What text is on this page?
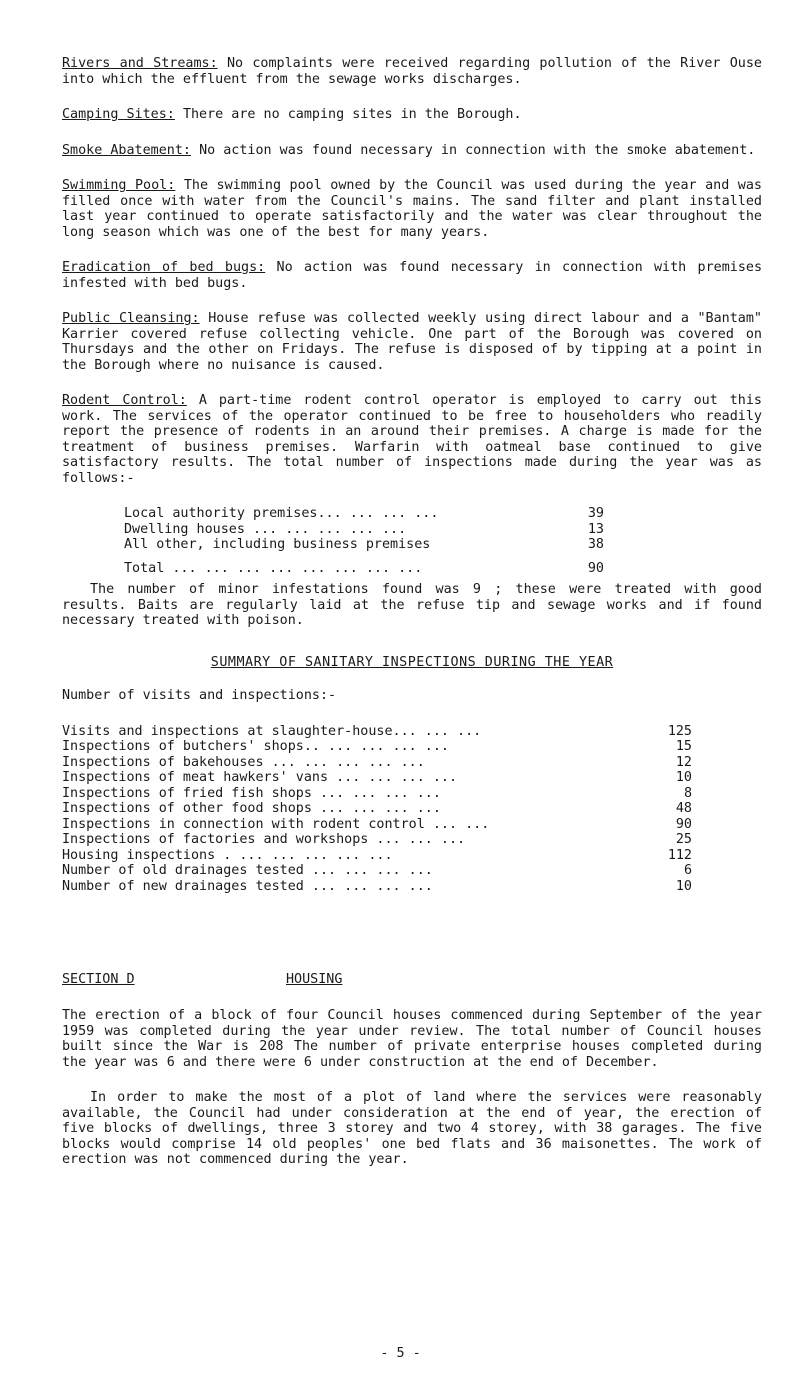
Rivers and Streams: No complaints were received regarding pollution of the River Ouse into which the effluent from the sewage works discharges.

Camping Sites: There are no camping sites in the Borough.

Smoke Abatement: No action was found necessary in connection with the smoke abatement.

Swimming Pool: The swimming pool owned by the Council was used during the year and was filled once with water from the Council's mains. The sand filter and plant installed last year continued to operate satisfactorily and the water was clear throughout the long season which was one of the best for many years.

Eradication of bed bugs: No action was found necessary in connection with premises infested with bed bugs.

Public Cleansing: House refuse was collected weekly using direct labour and a "Bantam" Karrier covered refuse collecting vehicle. One part of the Borough was covered on Thursdays and the other on Fridays. The refuse is disposed of by tipping at a point in the Borough where no nuisance is caused.

Rodent Control: A part-time rodent control operator is employed to carry out this work. The services of the operator continued to be free to householders who readily report the presence of rodents in an around their premises. A charge is made for the treatment of business premises. Warfarin with oatmeal base continued to give satisfactory results. The total number of inspections made during the year was as follows:-

Local authority premises... ... ... ...	39
Dwelling houses ... ... ... ... ...	13
All other, including business premises	38
Total ... ... ... ... ... ... ... ...	90

The number of minor infestations found was 9 ; these were treated with good results. Baits are regularly laid at the refuse tip and sewage works and if found necessary treated with poison.

SUMMARY OF SANITARY INSPECTIONS DURING THE YEAR

Number of visits and inspections:-

Visits and inspections at slaughter-house... ... ...	125
Inspections of butchers' shops.. ... ... ... ...	15
Inspections of bakehouses ... ... ... ... ...	12
Inspections of meat hawkers' vans ... ... ... ...	10
Inspections of fried fish shops ... ... ... ...	8
Inspections of other food shops ... ... ... ...	48
Inspections in connection with rodent control ... ...	90
Inspections of factories and workshops ... ... ...	25
Housing inspections . ... ... ... ... ...	112
Number of old drainages tested ... ... ... ...	6
Number of new drainages tested ... ... ... ...	10
SECTION D	HOUSING

The erection of a block of four Council houses commenced during September of the year 1959 was completed during the year under review. The total number of Council houses built since the War is 208 The number of private enterprise houses completed during the year was 6 and there were 6 under construction at the end of December.

In order to make the most of a plot of land where the services were reasonably available, the Council had under consideration at the end of year, the erection of five blocks of dwellings, three 3 storey and two 4 storey, with 38 garages. The five blocks would comprise 14 old peoples' one bed flats and 36 maisonettes. The work of erection was not commenced during the year.

- 5 -
